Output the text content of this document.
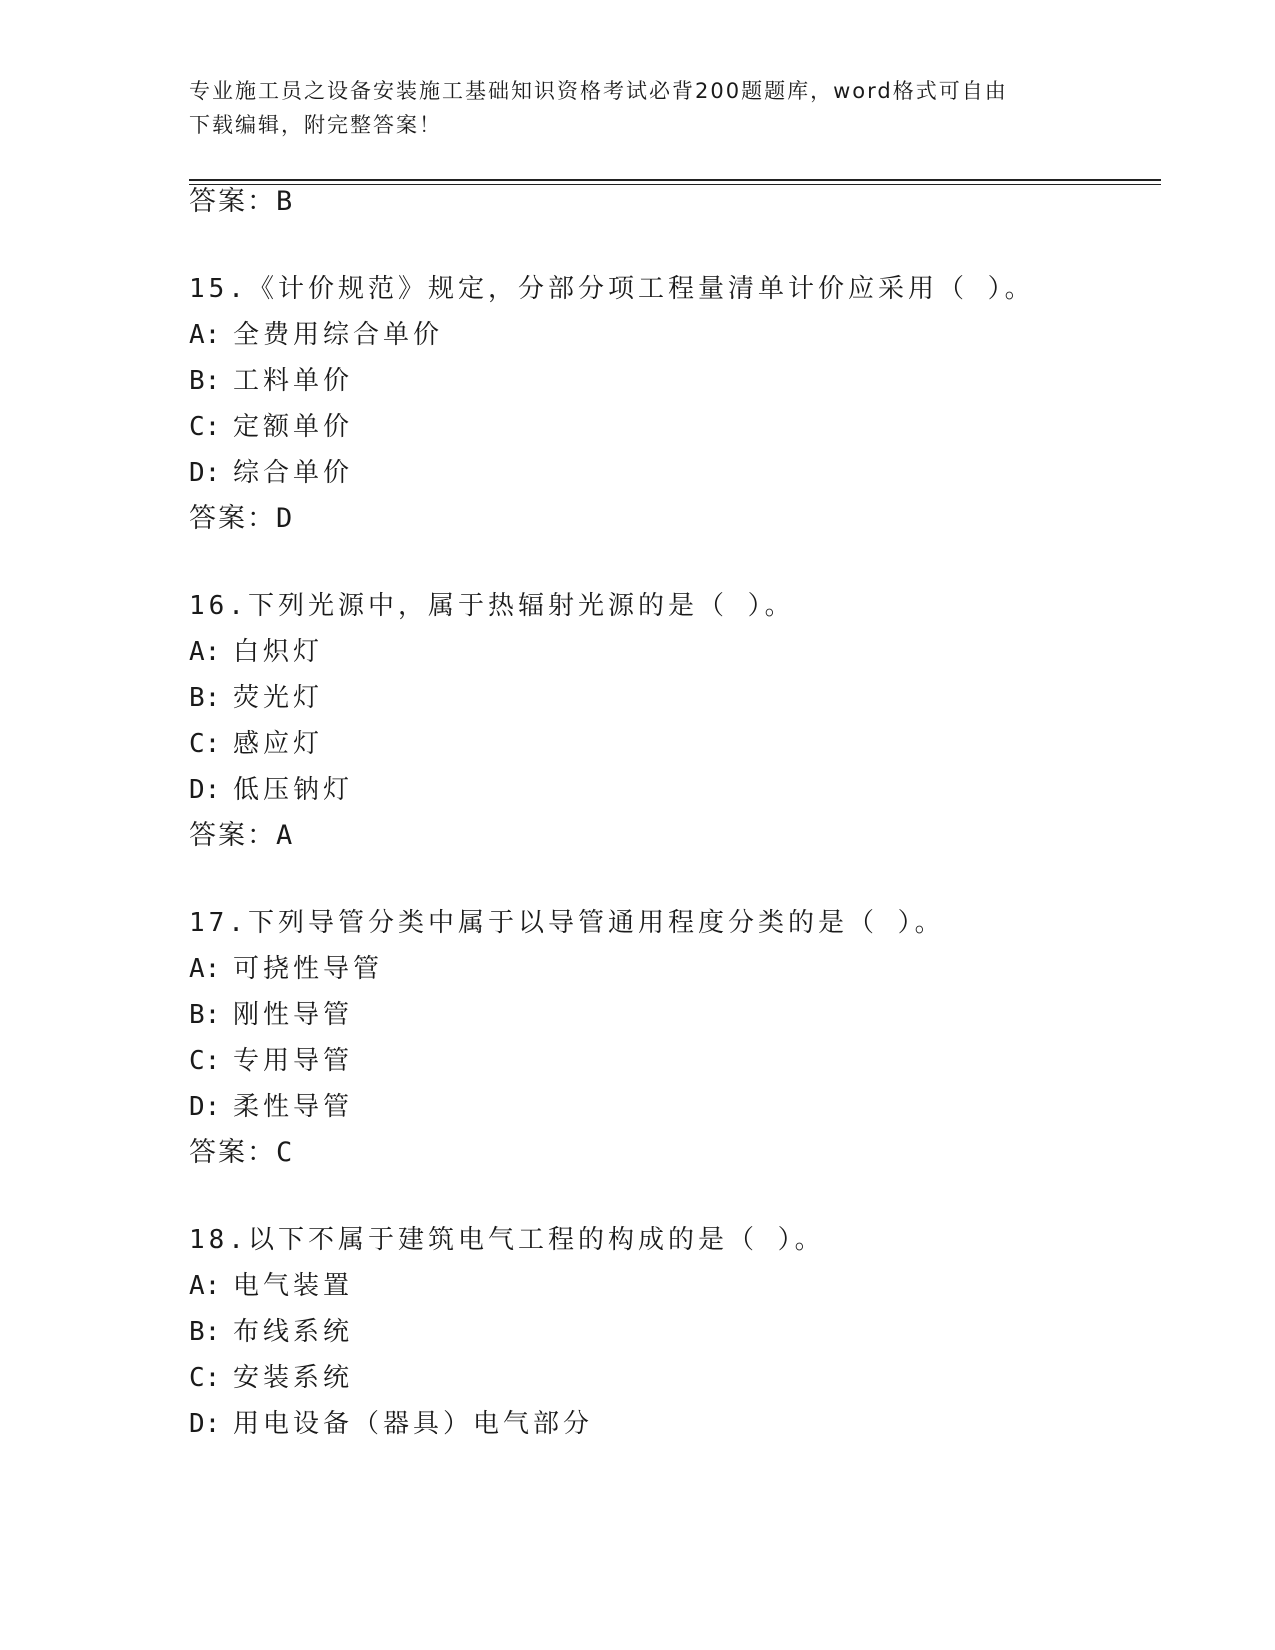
专业施工员之设备安装施工基础知识资格考试必背200题题库，word格式可自由
下载编辑，附完整答案！
答案：B
15.《计价规范》规定，分部分项工程量清单计价应采用（ ）。
A: 全费用综合单价
B: 工料单价
C: 定额单价
D: 综合单价
答案：D
16.下列光源中，属于热辐射光源的是（ ）。
A: 白炽灯
B: 荧光灯
C: 感应灯
D: 低压钠灯
答案：A
17.下列导管分类中属于以导管通用程度分类的是（ ）。
A: 可挠性导管
B: 刚性导管
C: 专用导管
D: 柔性导管
答案：C
18.以下不属于建筑电气工程的构成的是（ ）。
A: 电气装置
B: 布线系统
C: 安装系统
D: 用电设备（器具）电气部分
